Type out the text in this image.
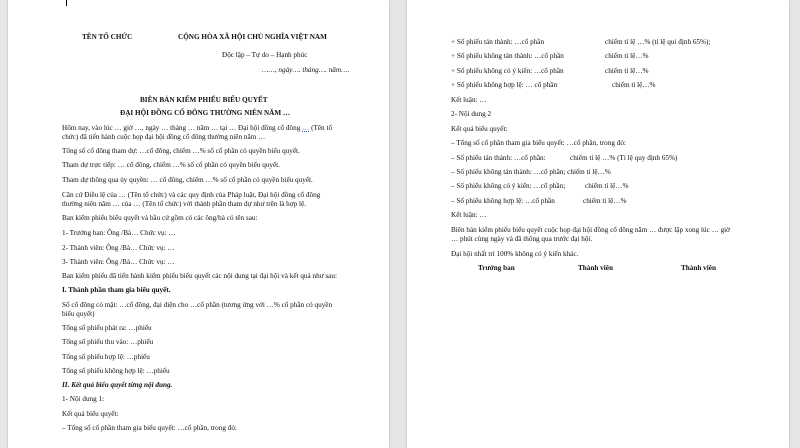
TÊN TỔ CHỨC	CỘNG HÒA XÃ HỘI CHỦ NGHĨA VIỆT NAM
Độc lập – Tự do – Hạnh phúc
……, ngày…. tháng…. năm….
BIÊN BẢN KIỂM PHIẾU BIỂU QUYẾT
ĐẠI HỘI ĐỒNG CỔ ĐÔNG THƯỜNG NIÊN NĂM …
Hôm nay, vào lúc … giờ …, ngày … tháng … năm … tại … Đại hội đồng cổ đông … (Tên tổ
chức) đã tiến hành cuộc họp đại hội đồng cổ đông thường niên năm …
Tổng số cổ đông tham dự: …cổ đông, chiếm …% số cổ phần có quyền biểu quyết.
Tham dự trực tiếp: … cổ đông, chiếm …% số cổ phần có quyền biểu quyết.
Tham dự thông qua ủy quyền: … cổ đông, chiếm …% số cổ phần có quyền biểu quyết.
Căn cứ Điều lệ của … (Tên tổ chức) và các quy định của Pháp luật, Đại hội đồng cổ đông
thường niên năm … của … (Tên tổ chức) với thành phần tham dự như trên là hợp lệ.
Ban kiểm phiếu biểu quyết và bầu cử gồm có các ông/bà có tên sau:
1- Trưởng ban: Ông /Bà… Chức vụ: …
2- Thành viên: Ông /Bà… Chức vụ: …
3- Thành viên: Ông /Bà… Chức vụ: …
Ban kiểm phiếu đã tiến hành kiểm phiếu biểu quyết các nội dung tại đại hội và kết quả như sau:
I. Thành phần tham gia biểu quyết.
Số cổ đông có mặt: …cổ đông, đại diện cho …cổ phần (tương ứng với …% cổ phần có quyền
biểu quyết)
Tổng số phiếu phát ra: …phiếu
Tổng số phiếu thu vào: …phiếu
Tổng số phiếu hợp lệ: …phiếu
Tổng số phiếu không hợp lệ: …phiếu
II. Kết quả biểu quyết từng nội dung.
1- Nội dung 1:
Kết quả biểu quyết:
– Tổng số cổ phần tham gia biểu quyết: …cổ phần, trong đó:
+ Số phiếu tán thành: …cổ phần	chiếm tỉ lệ …% (tỉ lệ qui định 65%);
+ Số phiếu không tán thành: …cổ phần	chiếm tỉ lệ…%
+ Số phiếu không có ý kiến: …cổ phần	chiếm tỉ lệ…%
+ Số phiếu không hợp lệ: … cổ phần	chiếm tỉ lệ…%
Kết luận: …
2- Nội dung 2
Kết quả biểu quyết:
– Tổng số cổ phần tham gia biểu quyết: …cổ phần, trong đó:
– Số phiếu tán thành: …cổ phần:	chiếm tỉ lệ …% (Tỉ lệ quy định 65%)
– Số phiếu không tán thành: …cổ phần; chiếm tỉ lệ…%
– Số phiếu không có ý kiến: …cổ phần;	chiếm tỉ lệ…%
– Số phiếu không hợp lệ: …cổ phần	chiếm tỉ lệ…%
Kết luận: …
Biên bản kiểm phiếu biểu quyết cuộc họp đại hội đồng cổ đông năm … được lập xong lúc … giờ
… phút cùng ngày và đã thông qua trước đại hội.
Đại hội nhất trí 100% không có ý kiến khác.
Trưởng ban	Thành viên	Thành viên
